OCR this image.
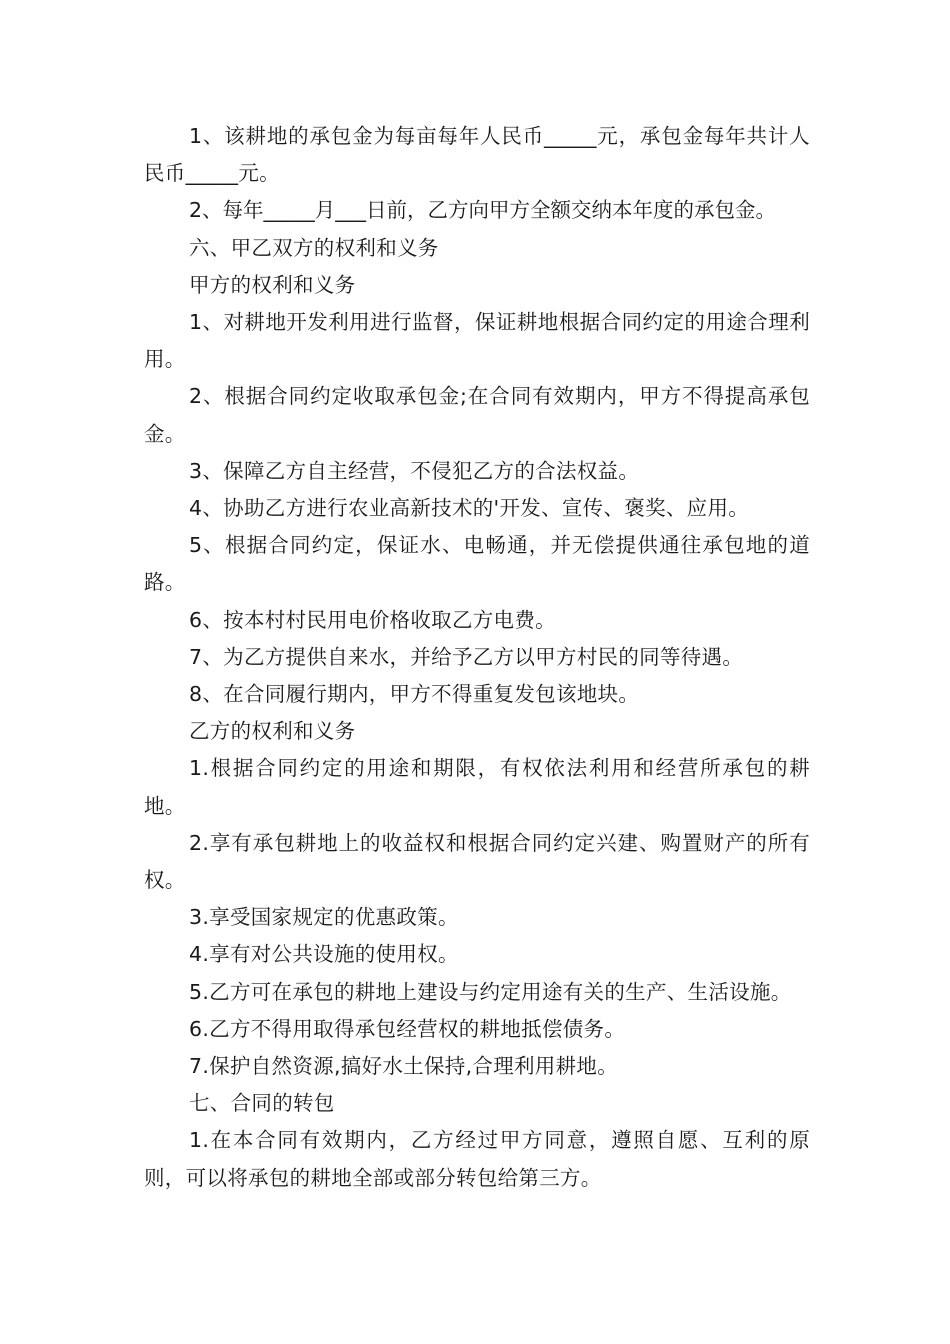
1、该耕地的承包金为每亩每年人民币_____元，承包金每年共计人民币_____元。

2、每年_____月___日前，乙方向甲方全额交纳本年度的承包金。

六、甲乙双方的权利和义务

甲方的权利和义务

1、对耕地开发利用进行监督，保证耕地根据合同约定的用途合理利用。

2、根据合同约定收取承包金;在合同有效期内，甲方不得提高承包金。

3、保障乙方自主经营，不侵犯乙方的合法权益。

4、协助乙方进行农业高新技术的'开发、宣传、褒奖、应用。

5、根据合同约定，保证水、电畅通，并无偿提供通往承包地的道路。

6、按本村村民用电价格收取乙方电费。

7、为乙方提供自来水，并给予乙方以甲方村民的同等待遇。

8、在合同履行期内，甲方不得重复发包该地块。

乙方的权利和义务

1.根据合同约定的用途和期限，有权依法利用和经营所承包的耕地。

2.享有承包耕地上的收益权和根据合同约定兴建、购置财产的所有权。

3.享受国家规定的优惠政策。

4.享有对公共设施的使用权。

5.乙方可在承包的耕地上建设与约定用途有关的生产、生活设施。

6.乙方不得用取得承包经营权的耕地抵偿债务。

7.保护自然资源,搞好水土保持,合理利用耕地。

七、合同的转包

1.在本合同有效期内，乙方经过甲方同意，遵照自愿、互利的原则，可以将承包的耕地全部或部分转包给第三方。
